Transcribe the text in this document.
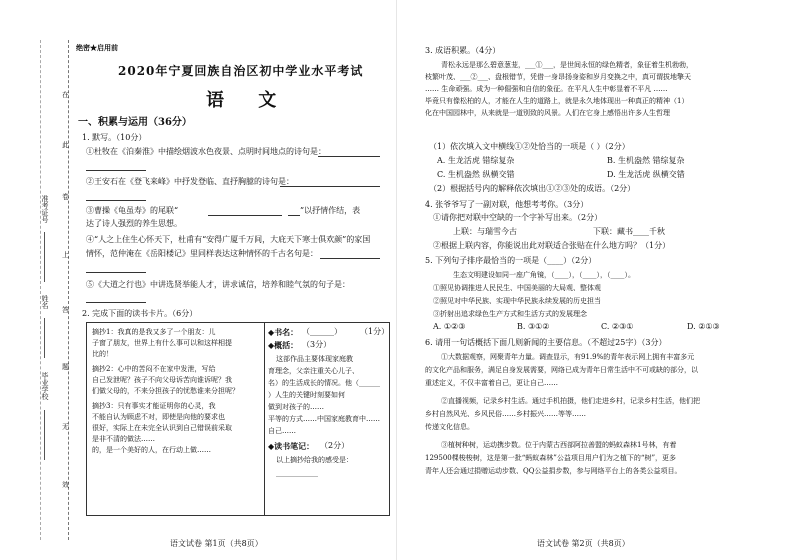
在
此
卷
上
答
题
无
效
准考证号
姓名
毕业学校
绝密★启用前
2020年宁夏回族自治区初中学业水平考试
语 文
一、积累与运用（36分）
1. 默写。（10分）
①杜牧在《泊秦淮》中描绘烟波水色夜景、点明时间地点的诗句是：
②王安石在《登飞来峰》中抒发登临、直抒胸臆的诗句是：
③曹操《龟虽寿》的尾联“	”以抒情作结，表
达了诗人强烈的养生思想。
④“人之上住生心怀天下，杜甫有“安得广厦千万间，大庇天下寒士俱欢颜”的家国
情怀，范仲淹在《岳阳楼记》里同样表达这种情怀的千古名句是：
⑤《大道之行也》中讲选贤举能人才，讲求诚信，培养和睦气氛的句子是：
2. 完成下面的读书卡片。（6分）
摘抄1：我真的是我又多了一个朋友：儿
子窗了朋友，世界上有什么事可以和这样相提
比的！
摘抄2：心中的苦闷不在家中发泄，写给
自己发泄呢？孩子不向父母诉苦向谁诉呢？我
们做父母的，不来分担孩子的忧愁谁来分担呢？
摘抄3：只有事实才能证明你的心灵，我
不能自认为顾虑不对，即使是向他的要求也
很好，实际上在未完全认识到自己错误前采取
是非不清的做法……
的，是一个美好的人，在行动上做……
◆书名： （______） （1分）
◆概括： （3分）
这部作品主要体现家庭教
育理念，父亲注重关心儿子、
名）的生活成长的情况。他（______
）人生的关键时刻要如何
做到对孩子的……
平等的方式……中国家庭教育中……
自己……
◆读书笔记： （2分）
以上摘抄给我的感受是：
____________
语文试卷 第1页（共8页）
3. 成语积累。（4分）
青松永远是那么碧意葱茏，___①___，是世间永恒的绿色精者，象征着生机勃勃，
枝繁叶茂、___②___、盘根错节，凭借一身昂扬身姿和岁月变换之中，真可谓拔地擎天
…… 生命顽强。成为一种倔强和自信的象征。在平凡人生中彰显着不平凡 ……
毕竟只有像松柏的人，才能在人生的道路上，就是永久地体现出一种真正的精神（1）
化在中国园林中，从来就是一道别致的风景。人们在它身上感悟出许多人生哲理
（1）依次填入文中横线①②处恰当的一项是（ ）（2分）
A. 生龙活虎 错综复杂	B. 生机盎然 错综复杂
C. 生机盎然 纵横交错	D. 生龙活虎 纵横交错
（2）根据括号内的解释依次填出①②③处的成语。（2分）
4. 张爷爷写了一副对联，他想考考你。（3分）
①请你把对联中空缺的一个字补写出来。（2分）
上联：与瑞雪今古	下联：藏书____千秋
②根据上联内容，你能说出此对联适合张贴在什么地方吗？（1分）
5. 下列句子排序最恰当的一项是（____）（2分）
生态文明建设如同一座广角镜，（____），（____），（____）。
①照见协调推进人民民生、中国美丽的大局观、整体观
②照见对中华民族、实现中华民族永续发展的历史担当
③折射出追求绿色生产方式和生活方式的发展理念
A. ①②③	B. ③①②	C. ②③①	D. ②①③
6. 请用一句话概括下面几则新闻的主要信息。（不超过25字）（3分）
①大数据观察，网聚青年力量。调查显示，有91.9%的青年表示网上拥有丰富多元
的文化产品和服务，满足自身发展需要，网络已成为青年日常生活中不可或缺的部分，以
重述定义，不仅丰富着自己，更让自己……
②直播视频，记录乡村生活。通过手机拍摄，他们走进乡村，记录乡村生活，他们把
乡村自然风光、乡风民俗……乡村振兴……等等……
传递文化信息。
③植树种树，运动携步数。位于内蒙古西部阿拉善盟的蚂蚁森林1号林，有着
129500棵梭梭树，这是第一批“蚂蚁森林”公益项目用户们为之植下的“树”，更多
青年人还会通过捐赠运动步数、QQ公益捐步数，参与网络平台上的各类公益项目。
语文试卷 第2页（共8页）
